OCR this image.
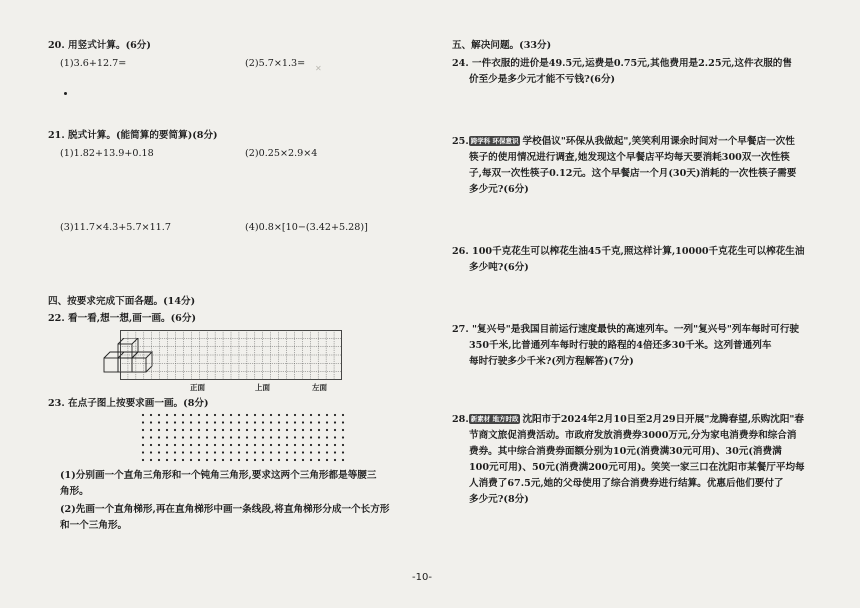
✕
20. 用竖式计算。(6分)
(1)3.6+12.7=	(2)5.7×1.3=
21. 脱式计算。(能简算的要简算)(8分)
(1)1.82+13.9+0.18	(2)0.25×2.9×4
(3)11.7×4.3+5.7×11.7	(4)0.8×[10−(3.42+5.28)]
四、按要求完成下面各题。(14分)
22. 看一看,想一想,画一画。(6分)
正面	上面	左面
23. 在点子图上按要求画一画。(8分)
(1)分别画一个直角三角形和一个钝角三角形,要求这两个三角形都是等腰三
角形。
(2)先画一个直角梯形,再在直角梯形中画一条线段,将直角梯形分成一个长方形
和一个三角形。
五、解决问题。(33分)
24. 一件衣服的进价是49.5元,运费是0.75元,其他费用是2.25元,这件衣服的售
价至少是多少元才能不亏钱?(6分)
25. 跨学科 环保意识 学校倡议"环保从我做起",笑笑利用课余时间对一个早餐店一次性
筷子的使用情况进行调查,她发现这个早餐店平均每天要消耗300双一次性筷
子,每双一次性筷子0.12元。这个早餐店一个月(30天)消耗的一次性筷子需要
多少元?(6分)
26. 100千克花生可以榨花生油45千克,照这样计算,10000千克花生可以榨花生油
多少吨?(6分)
27. "复兴号"是我国目前运行速度最快的高速列车。一列"复兴号"列车每时可行驶
350千米,比普通列车每时行驶的路程的4倍还多30千米。这列普通列车
每时行驶多少千米?(列方程解答)(7分)
28. 新素材 地方时政 沈阳市于2024年2月10日至2月29日开展"龙腾春望,乐购沈阳"春
节商文旅促消费活动。市政府发放消费券3000万元,分为家电消费券和综合消
费券。其中综合消费券面额分别为10元(消费满30元可用)、30元(消费满
100元可用)、50元(消费满200元可用)。笑笑一家三口在沈阳市某餐厅平均每
人消费了67.5元,她的父母使用了综合消费券进行结算。优惠后他们要付了
多少元?(8分)
-10-
